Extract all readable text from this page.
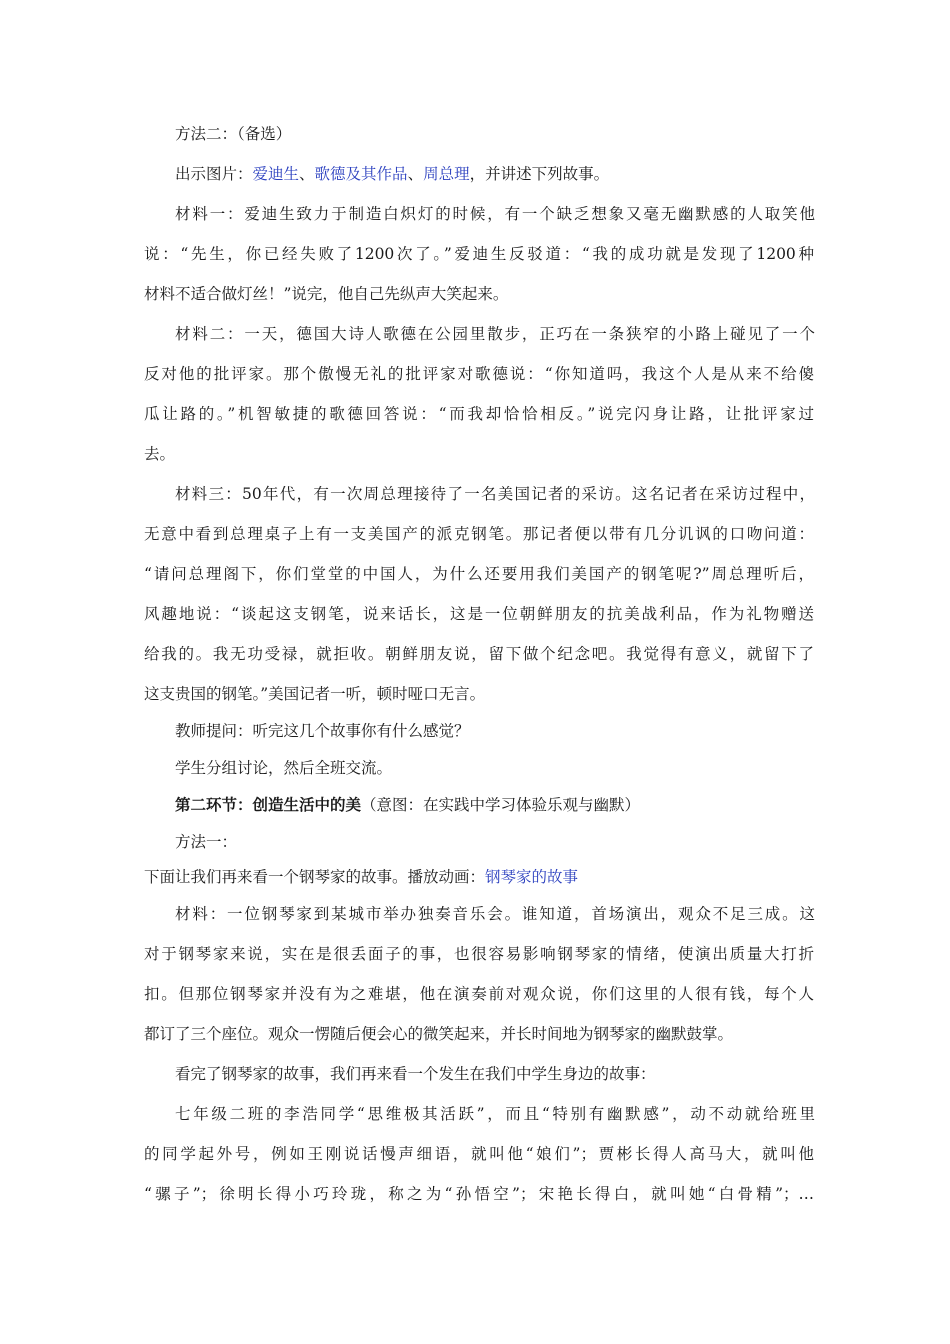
方法二：（备选）
出示图片：爱迪生、歌德及其作品、周总理，并讲述下列故事。
材料一：爱迪生致力于制造白炽灯的时候，有一个缺乏想象又毫无幽默感的人取笑他
说：“先生，你已经失败了1200次了。”爱迪生反驳道：“我的成功就是发现了1200种
材料不适合做灯丝！”说完，他自己先纵声大笑起来。
材料二：一天，德国大诗人歌德在公园里散步，正巧在一条狭窄的小路上碰见了一个
反对他的批评家。那个傲慢无礼的批评家对歌德说：“你知道吗，我这个人是从来不给傻
瓜让路的。”机智敏捷的歌德回答说：“而我却恰恰相反。”说完闪身让路，让批评家过
去。
材料三：50年代，有一次周总理接待了一名美国记者的采访。这名记者在采访过程中，
无意中看到总理桌子上有一支美国产的派克钢笔。那记者便以带有几分讥讽的口吻问道：
“请问总理阁下，你们堂堂的中国人，为什么还要用我们美国产的钢笔呢?”周总理听后，
风趣地说：“谈起这支钢笔，说来话长，这是一位朝鲜朋友的抗美战利品，作为礼物赠送
给我的。我无功受禄，就拒收。朝鲜朋友说，留下做个纪念吧。我觉得有意义，就留下了
这支贵国的钢笔。”美国记者一听，顿时哑口无言。
教师提问：听完这几个故事你有什么感觉？
学生分组讨论，然后全班交流。
第二环节：创造生活中的美（意图：在实践中学习体验乐观与幽默）
方法一：
下面让我们再来看一个钢琴家的故事。播放动画：钢琴家的故事
材料：一位钢琴家到某城市举办独奏音乐会。谁知道，首场演出，观众不足三成。这
对于钢琴家来说，实在是很丢面子的事，也很容易影响钢琴家的情绪，使演出质量大打折
扣。但那位钢琴家并没有为之难堪，他在演奏前对观众说，你们这里的人很有钱，每个人
都订了三个座位。观众一愣随后便会心的微笑起来，并长时间地为钢琴家的幽默鼓掌。
看完了钢琴家的故事，我们再来看一个发生在我们中学生身边的故事：
七年级二班的李浩同学“思维极其活跃”，而且“特别有幽默感”，动不动就给班里
的同学起外号，例如王刚说话慢声细语，就叫他“娘们”；贾彬长得人高马大，就叫他
“骡子”；徐明长得小巧玲珑，称之为“孙悟空”；宋艳长得白，就叫她“白骨精”；…
